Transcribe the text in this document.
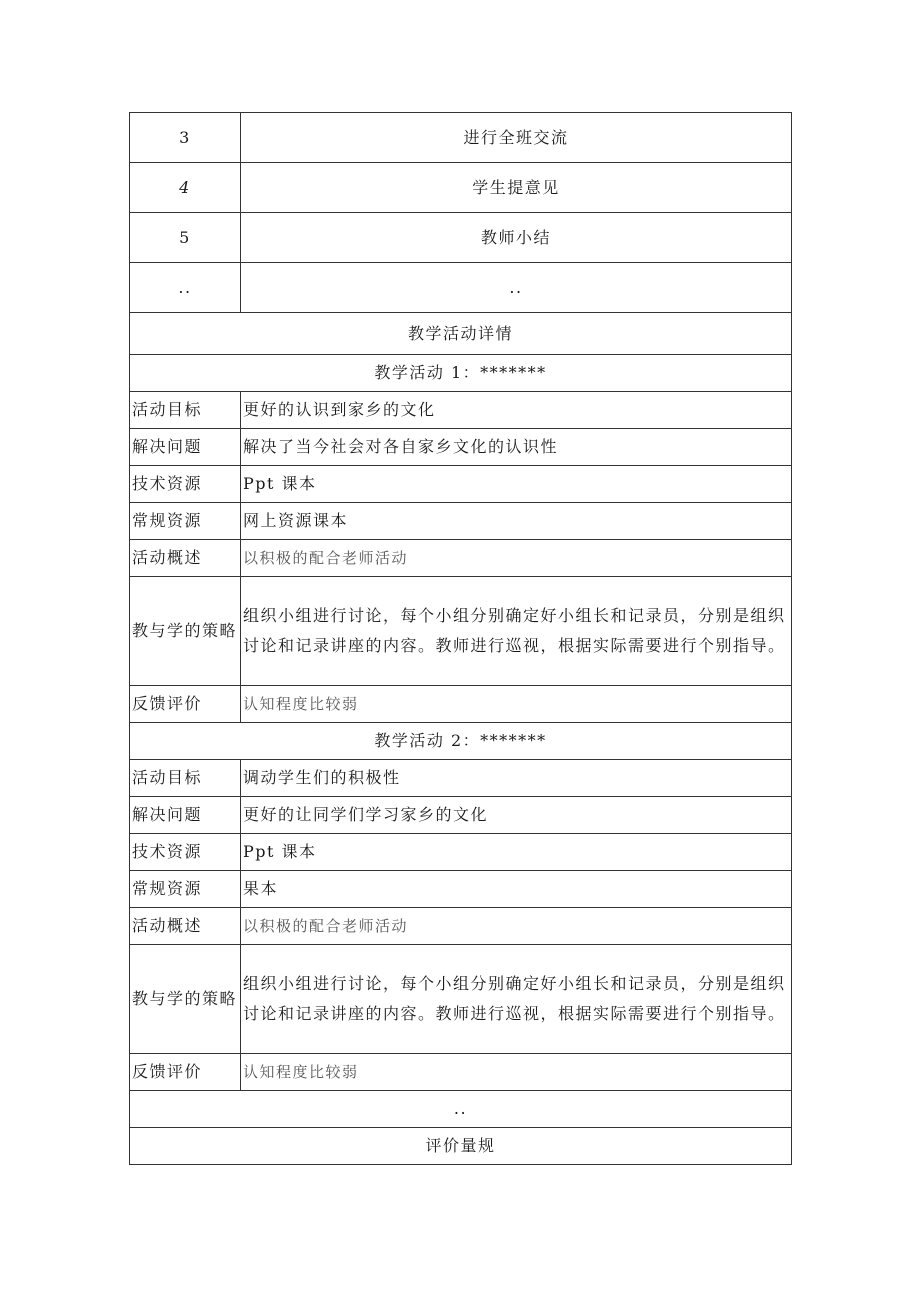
3	进行全班交流
4	学生提意见
5	教师小结
..	..
教学活动详情	
教学活动 1：*******	
活动目标	更好的认识到家乡的文化
解决问题	解决了当今社会对各自家乡文化的认识性
技术资源	Ppt 课本
常规资源	网上资源课本
活动概述	以积极的配合老师活动
教与学的策略	组织小组进行讨论，每个小组分别确定好小组长和记录员，分别是组织讨论和记录讲座的内容。教师进行巡视，根据实际需要进行个别指导。
反馈评价	认知程度比较弱
教学活动 2：*******	
活动目标	调动学生们的积极性
解决问题	更好的让同学们学习家乡的文化
技术资源	Ppt 课本
常规资源	果本
活动概述	以积极的配合老师活动
教与学的策略	组织小组进行讨论，每个小组分别确定好小组长和记录员，分别是组织讨论和记录讲座的内容。教师进行巡视，根据实际需要进行个别指导。
反馈评价	认知程度比较弱
..	
评价量规	
